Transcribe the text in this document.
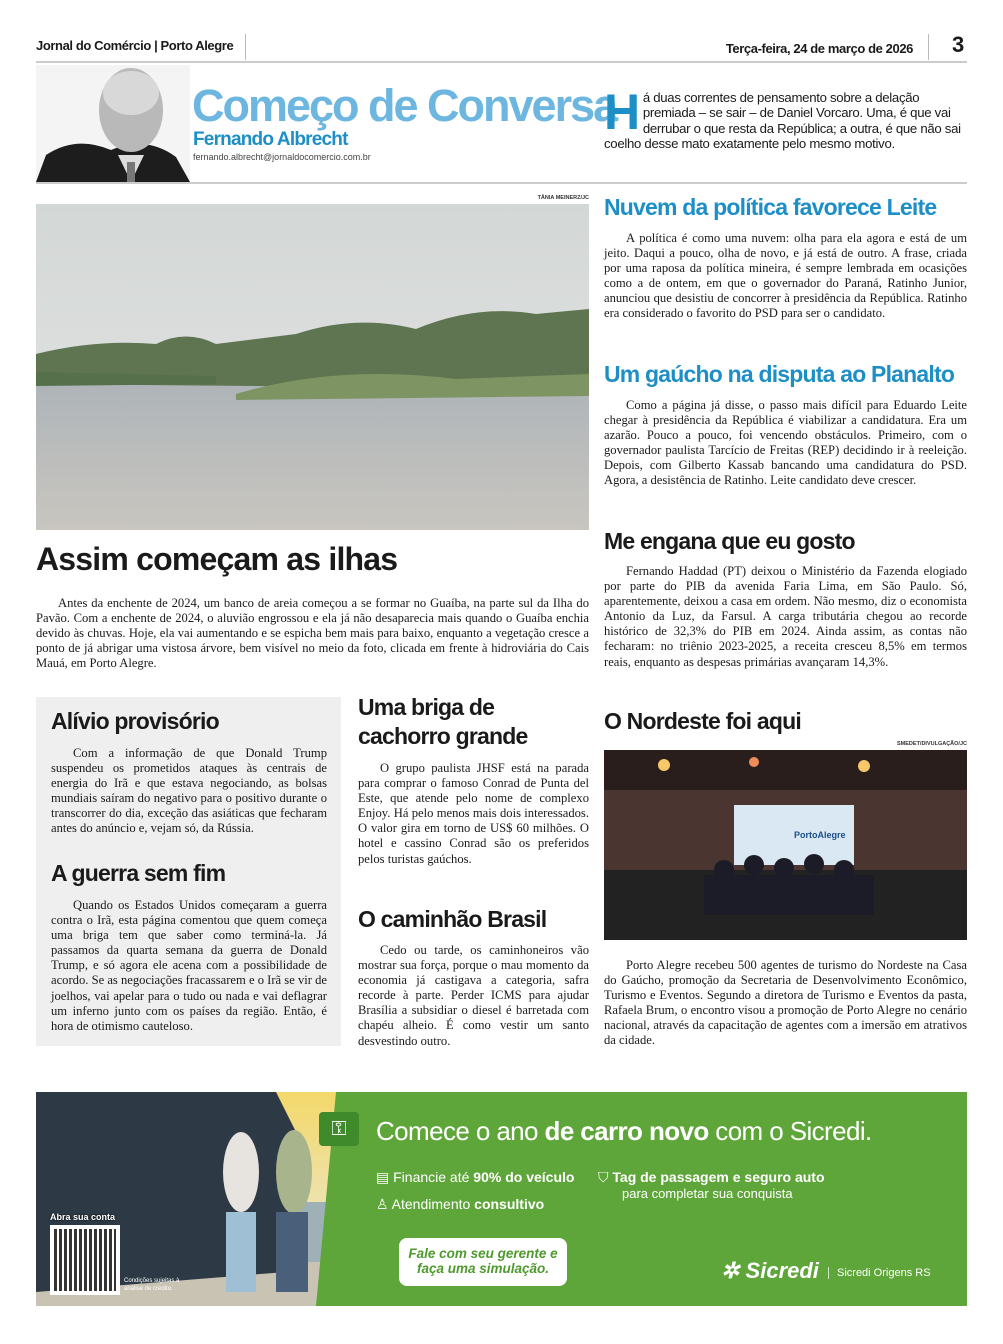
Jornal do Comércio | Porto Alegre	Terça-feira, 24 de março de 2026 3
Começo de Conversa
Fernando Albrecht
fernando.albrecht@jornaldocomercio.com.br
Há duas correntes de pensamento sobre a delação premiada – se sair – de Daniel Vorcaro. Uma, é que vai derrubar o que resta da República; a outra, é que não sai coelho desse mato exatamente pelo mesmo motivo.
TÂNIA MEINERZ/JC
Assim começam as ilhas

Antes da enchente de 2024, um banco de areia começou a se formar no Guaíba, na parte sul da Ilha do Pavão. Com a enchente de 2024, o aluvião engrossou e ela já não desaparecia mais quando o Guaíba enchia devido às chuvas. Hoje, ela vai aumentando e se espicha bem mais para baixo, enquanto a vegetação cresce a ponto de já abrigar uma vistosa árvore, bem visível no meio da foto, clicada em frente à hidroviária do Cais Mauá, em Porto Alegre.

Nuvem da política favorece Leite

A política é como uma nuvem: olha para ela agora e está de um jeito. Daqui a pouco, olha de novo, e já está de outro. A frase, criada por uma raposa da política mineira, é sempre lembrada em ocasições como a de ontem, em que o governador do Paraná, Ratinho Junior, anunciou que desistiu de concorrer à presidência da República. Ratinho era considerado o favorito do PSD para ser o candidato.

Um gaúcho na disputa ao Planalto

Como a página já disse, o passo mais difícil para Eduardo Leite chegar à presidência da República é viabilizar a candidatura. Era um azarão. Pouco a pouco, foi vencendo obstáculos. Primeiro, com o governador paulista Tarcício de Freitas (REP) decidindo ir à reeleição. Depois, com Gilberto Kassab bancando uma candidatura do PSD. Agora, a desistência de Ratinho. Leite candidato deve crescer.

Me engana que eu gosto

Fernando Haddad (PT) deixou o Ministério da Fazenda elogiado por parte do PIB da avenida Faria Lima, em São Paulo. Só, aparentemente, deixou a casa em ordem. Não mesmo, diz o economista Antonio da Luz, da Farsul. A carga tributária chegou ao recorde histórico de 32,3% do PIB em 2024. Ainda assim, as contas não fecharam: no triênio 2023-2025, a receita cresceu 8,5% em termos reais, enquanto as despesas primárias avançaram 14,3%.

Alívio provisório

Com a informação de que Donald Trump suspendeu os prometidos ataques às centrais de energia do Irã e que estava negociando, as bolsas mundiais saíram do negativo para o positivo durante o transcorrer do dia, exceção das asiáticas que fecharam antes do anúncio e, vejam só, da Rússia.

A guerra sem fim

Quando os Estados Unidos começaram a guerra contra o Irã, esta página comentou que quem começa uma briga tem que saber como terminá-la. Já passamos da quarta semana da guerra de Donald Trump, e só agora ele acena com a possibilidade de acordo. Se as negociações fracassarem e o Irã se vir de joelhos, vai apelar para o tudo ou nada e vai deflagrar um inferno junto com os países da região. Então, é hora de otimismo cauteloso.

Uma briga de cachorro grande

O grupo paulista JHSF está na parada para comprar o famoso Conrad de Punta del Este, que atende pelo nome de complexo Enjoy. Há pelo menos mais dois interessados. O valor gira em torno de US$ 60 milhões. O hotel e cassino Conrad são os preferidos pelos turistas gaúchos.

O caminhão Brasil

Cedo ou tarde, os caminhoneiros vão mostrar sua força, porque o mau momento da economia já castigava a categoria, safra recorde à parte. Perder ICMS para ajudar Brasília a subsidiar o diesel é barretada com chapéu alheio. É como vestir um santo desvestindo outro.

O Nordeste foi aqui
SMEDET/DIVULGAÇÃO/JC
PortoAlegre

Porto Alegre recebeu 500 agentes de turismo do Nordeste na Casa do Gaúcho, promoção da Secretaria de Desenvolvimento Econômico, Turismo e Eventos. Segundo a diretora de Turismo e Eventos da pasta, Rafaela Brum, o encontro visou a promoção de Porto Alegre no cenário nacional, através da capacitação de agentes com a imersão em atrativos da cidade.

Abra sua conta
Condições sujeitas à análise de crédito.
⚿	Comece o ano de carro novo com o Sicredi.
▤ Financie até 90% do veículo
♙ Atendimento consultivo
⛉ Tag de passagem e seguro auto
para completar sua conquista
Fale com seu gerente e faça uma simulação.	✲ Sicredi	Sicredi Origens RS
